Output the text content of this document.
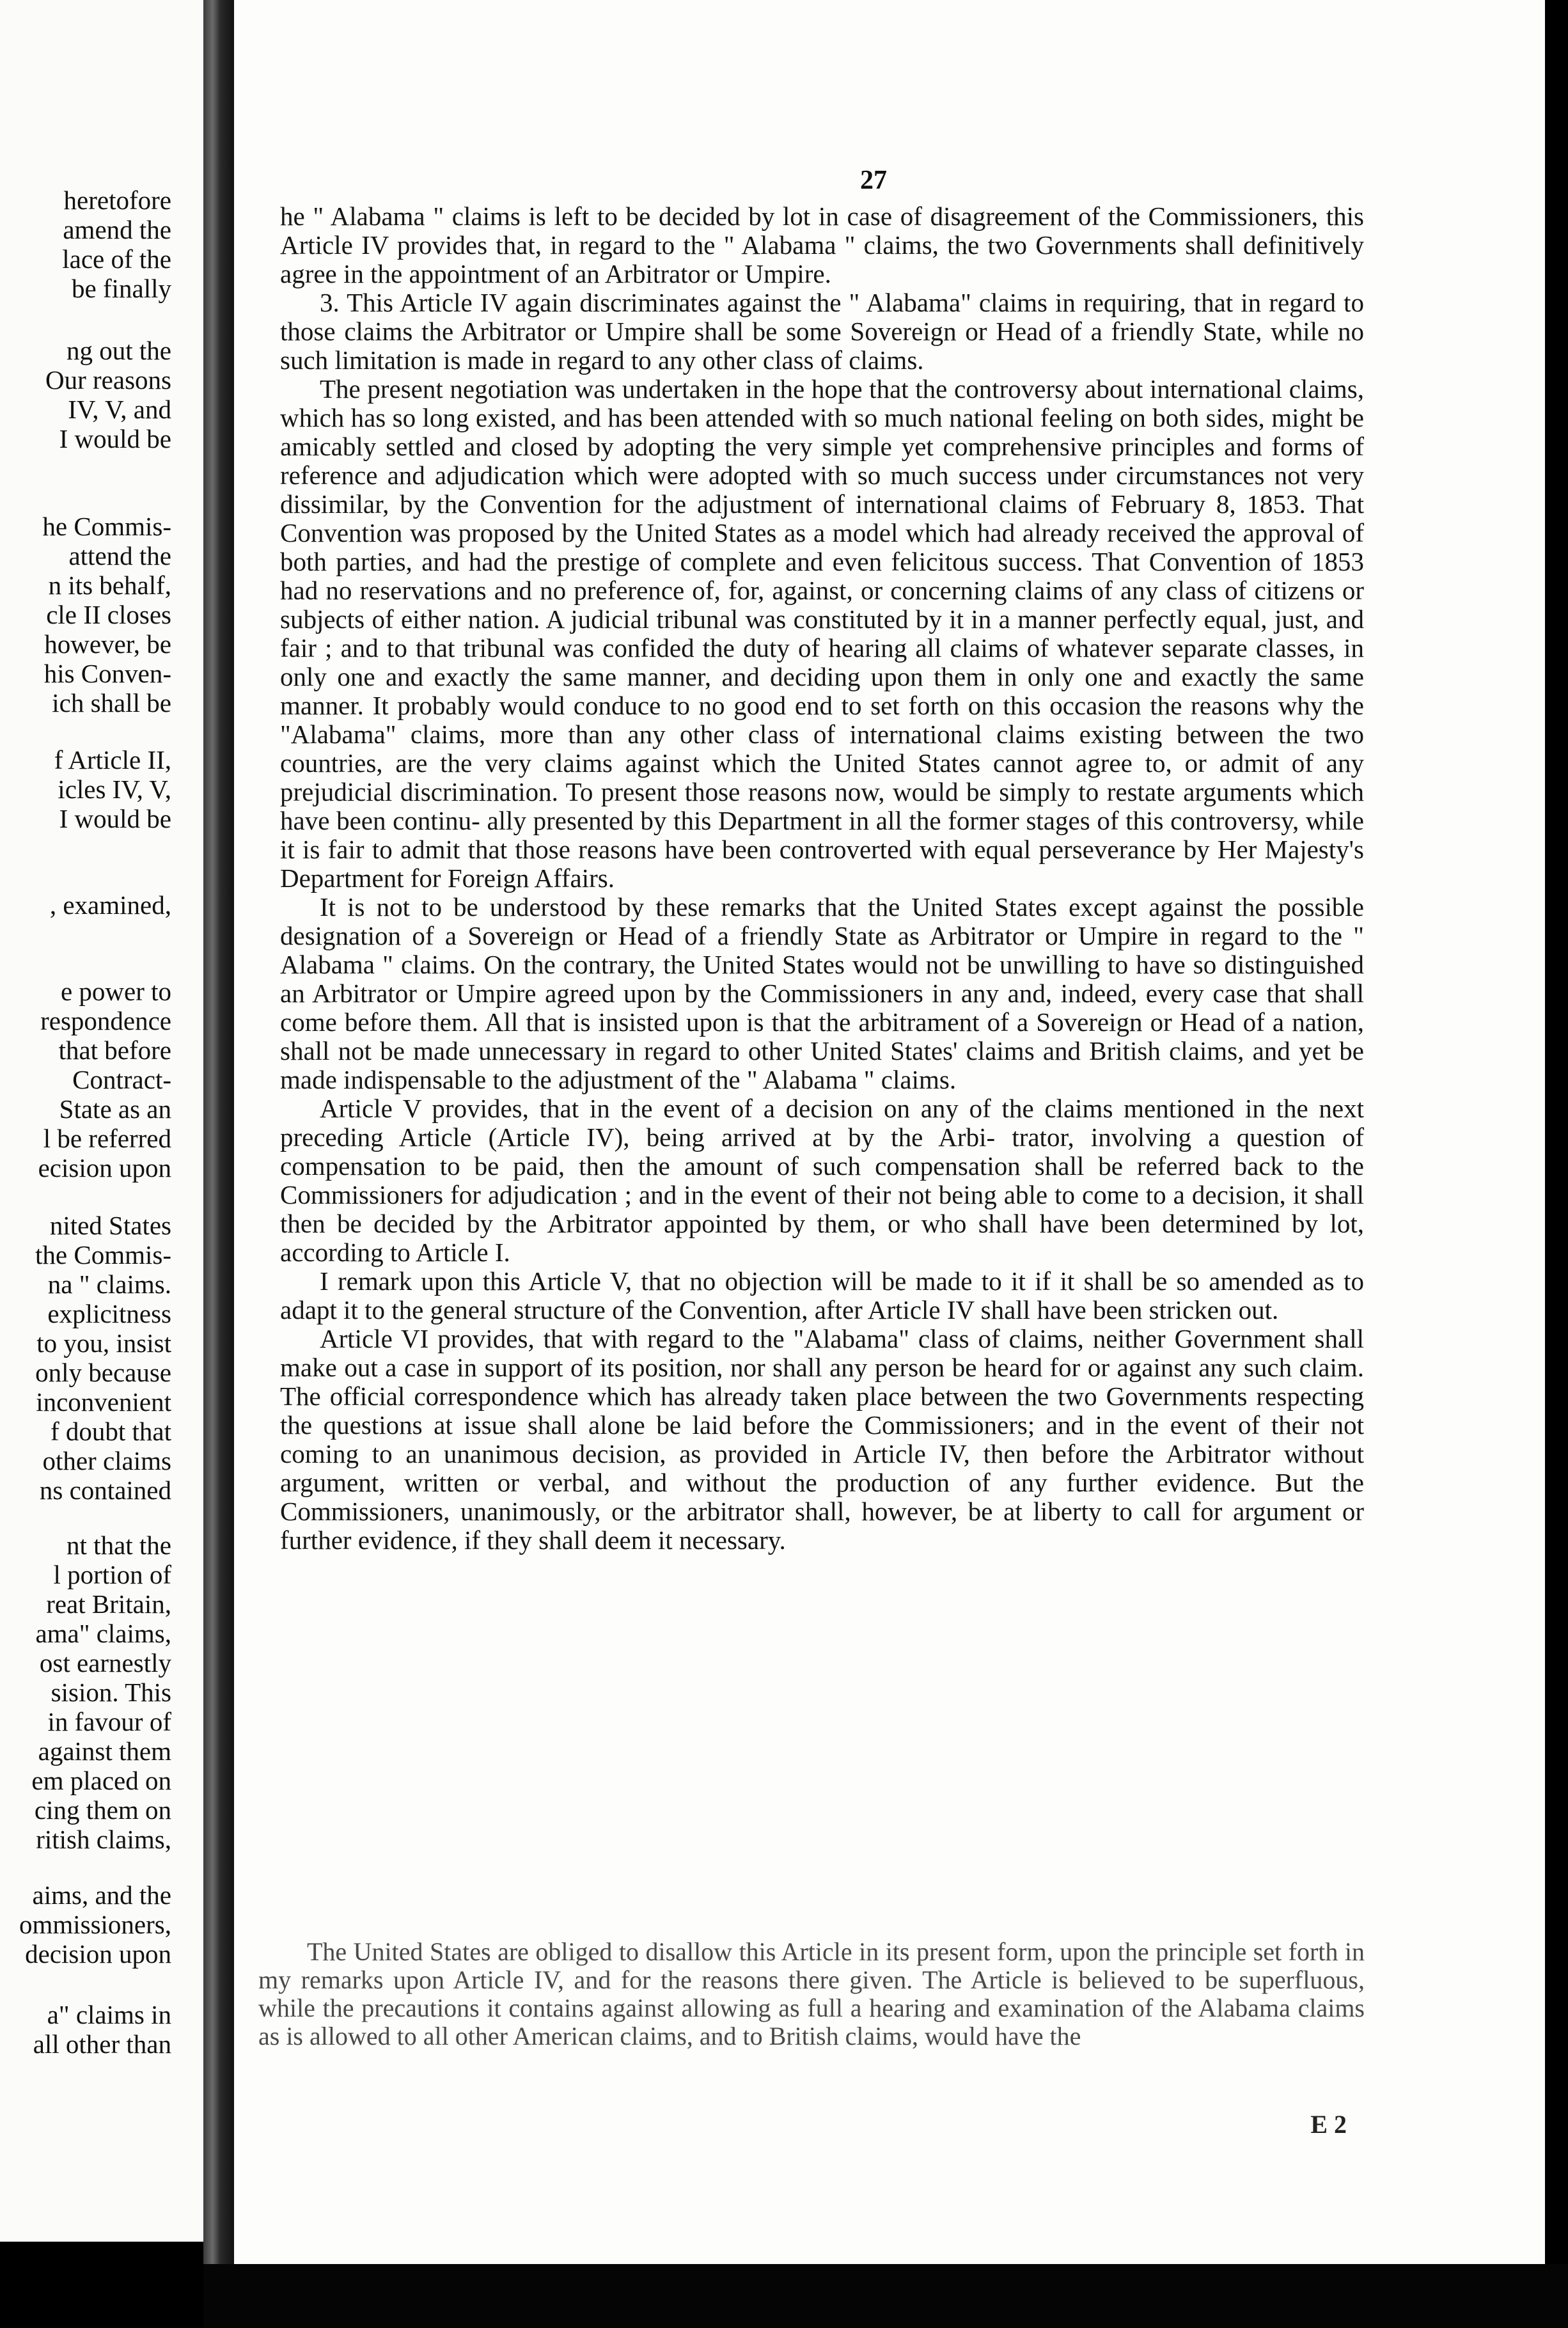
heretofore
amend the
lace of the
be finally
ng out the
Our reasons
IV, V, and
I would be
he Commis-
attend the
n its behalf,
cle II closes
however, be
his Conven-
ich shall be
f Article II,
icles IV, V,
I would be
, examined,
e power to
respondence
that before
Contract-
State as an
l be referred
ecision upon
nited States
the Commis-
na " claims.
explicitness
to you, insist
only because
inconvenient
f doubt that
other claims
ns contained
nt that the
l portion of
reat Britain,
ama" claims,
ost earnestly
sision. This
in favour of
against them
em placed on
cing them on
ritish claims,
aims, and the
ommissioners,
decision upon
a" claims in
all other than
27

he " Alabama " claims is left to be decided by lot in case of disagreement of the Commissioners, this Article IV provides that, in regard to the " Alabama " claims, the two Governments shall definitively agree in the appointment of an Arbitrator or Umpire.

3. This Article IV again discriminates against the " Alabama" claims in requiring, that in regard to those claims the Arbitrator or Umpire shall be some Sovereign or Head of a friendly State, while no such limitation is made in regard to any other class of claims.

The present negotiation was undertaken in the hope that the controversy about international claims, which has so long existed, and has been attended with so much national feeling on both sides, might be amicably settled and closed by adopting the very simple yet comprehensive principles and forms of reference and adjudication which were adopted with so much success under circumstances not very dissimilar, by the Convention for the adjustment of international claims of February 8, 1853. That Convention was proposed by the United States as a model which had already received the approval of both parties, and had the prestige of complete and even felicitous success. That Convention of 1853 had no reservations and no preference of, for, against, or concerning claims of any class of citizens or subjects of either nation. A judicial tribunal was constituted by it in a manner perfectly equal, just, and fair ; and to that tribunal was confided the duty of hearing all claims of whatever separate classes, in only one and exactly the same manner, and deciding upon them in only one and exactly the same manner. It probably would conduce to no good end to set forth on this occasion the reasons why the "Alabama" claims, more than any other class of international claims existing between the two countries, are the very claims against which the United States cannot agree to, or admit of any prejudicial discrimination. To present those reasons now, would be simply to restate arguments which have been continu- ally presented by this Department in all the former stages of this controversy, while it is fair to admit that those reasons have been controverted with equal perseverance by Her Majesty's Department for Foreign Affairs.

It is not to be understood by these remarks that the United States except against the possible designation of a Sovereign or Head of a friendly State as Arbitrator or Umpire in regard to the " Alabama " claims. On the contrary, the United States would not be unwilling to have so distinguished an Arbitrator or Umpire agreed upon by the Commissioners in any and, indeed, every case that shall come before them. All that is insisted upon is that the arbitrament of a Sovereign or Head of a nation, shall not be made unnecessary in regard to other United States' claims and British claims, and yet be made indispensable to the adjustment of the " Alabama " claims.

Article V provides, that in the event of a decision on any of the claims mentioned in the next preceding Article (Article IV), being arrived at by the Arbi- trator, involving a question of compensation to be paid, then the amount of such compensation shall be referred back to the Commissioners for adjudication ; and in the event of their not being able to come to a decision, it shall then be decided by the Arbitrator appointed by them, or who shall have been determined by lot, according to Article I.

I remark upon this Article V, that no objection will be made to it if it shall be so amended as to adapt it to the general structure of the Convention, after Article IV shall have been stricken out.

Article VI provides, that with regard to the "Alabama" class of claims, neither Government shall make out a case in support of its position, nor shall any person be heard for or against any such claim. The official correspondence which has already taken place between the two Governments respecting the questions at issue shall alone be laid before the Commissioners; and in the event of their not coming to an unanimous decision, as provided in Article IV, then before the Arbitrator without argument, written or verbal, and without the production of any further evidence. But the Commissioners, unanimously, or the arbitrator shall, however, be at liberty to call for argument or further evidence, if they shall deem it necessary.

The United States are obliged to disallow this Article in its present form, upon the principle set forth in my remarks upon Article IV, and for the reasons there given. The Article is believed to be superfluous, while the precautions it contains against allowing as full a hearing and examination of the Alabama claims as is allowed to all other American claims, and to British claims, would have the
E 2
